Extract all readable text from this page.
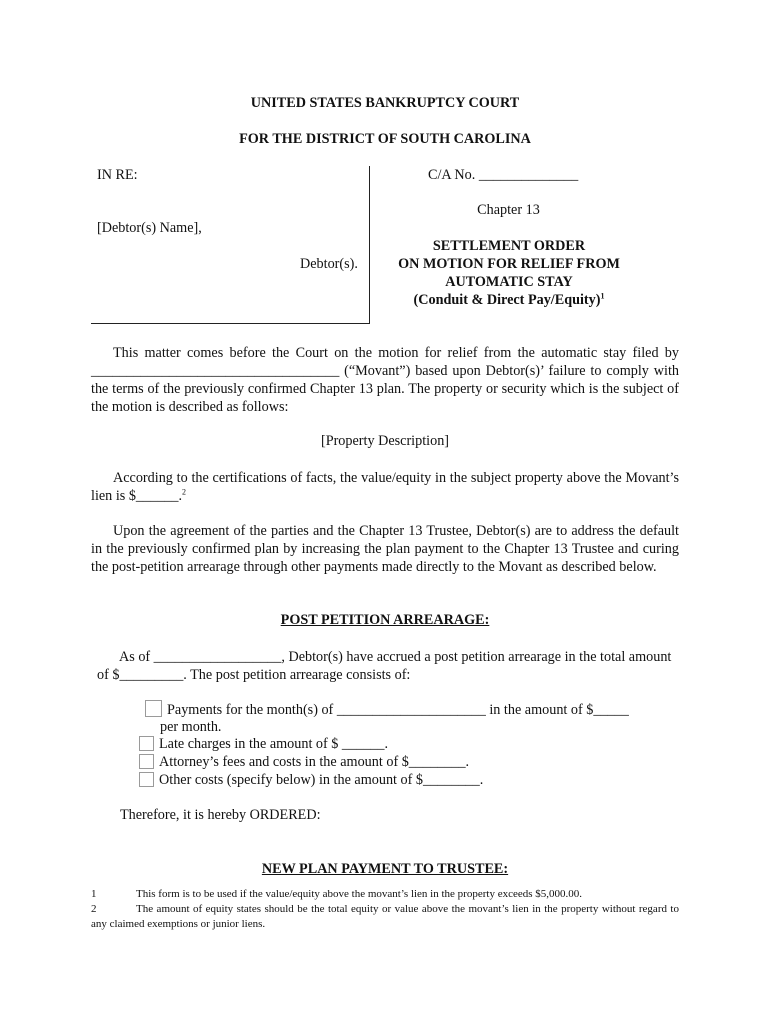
UNITED STATES BANKRUPTCY COURT
FOR THE DISTRICT OF SOUTH CAROLINA
IN RE:
[Debtor(s) Name],
Debtor(s).
C/A No. ______________
Chapter 13
SETTLEMENT ORDER
ON MOTION FOR RELIEF FROM
AUTOMATIC STAY
(Conduit & Direct Pay/Equity)$^1$
This matter comes before the Court on the motion for relief from the automatic stay filed by ___________________________________ (“Movant”) based upon Debtor(s)’ failure to comply with the terms of the previously confirmed Chapter 13 plan. The property or security which is the subject of the motion is described as follows:
[Property Description]
According to the certifications of facts, the value/equity in the subject property above the Movant’s lien is $______.$^2$
Upon the agreement of the parties and the Chapter 13 Trustee, Debtor(s) are to address the default in the previously confirmed plan by increasing the plan payment to the Chapter 13 Trustee and curing the post-petition arrearage through other payments made directly to the Movant as described below.
POST PETITION ARREARAGE:
As of __________________, Debtor(s) have accrued a post petition arrearage in the total amount of $_________. The post petition arrearage consists of:
Payments for the month(s) of _____________________ in the amount of $_____
per month.
Late charges in the amount of $ ______.
Attorney’s fees and costs in the amount of $________.
Other costs (specify below) in the amount of $________.
Therefore, it is hereby ORDERED:
NEW PLAN PAYMENT TO TRUSTEE:
1	This form is to be used if the value/equity above the movant’s lien in the property exceeds $5,000.00.
2	The amount of equity states should be the total equity or value above the movant’s lien in the property without regard to any claimed exemptions or junior liens.
